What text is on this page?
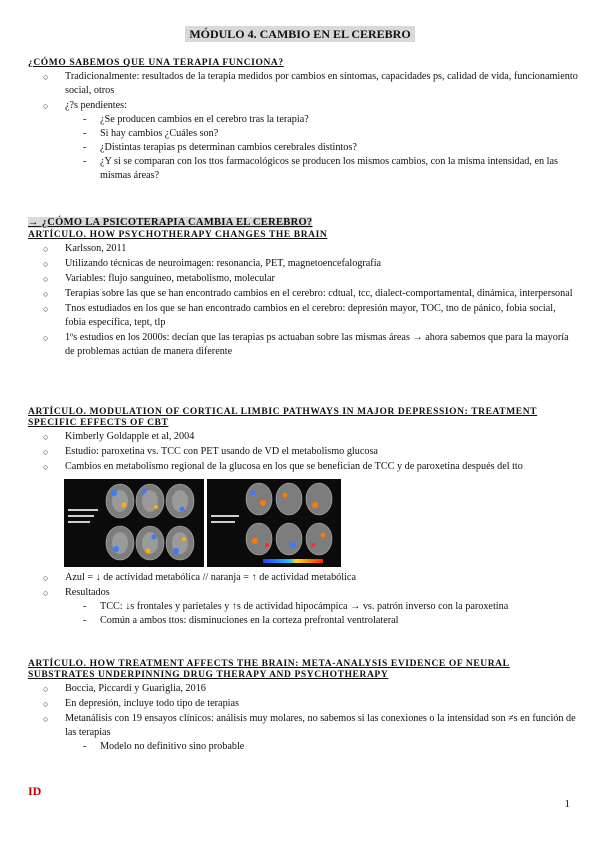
MÓDULO 4. CAMBIO EN EL CEREBRO
¿CÓMO SABEMOS QUE UNA TERAPIA FUNCIONA?
○ Tradicionalmente: resultados de la terapia medidos por cambios en síntomas, capacidades ps, calidad de vida, funcionamiento social, otros
○ ¿?s pendientes:
- ¿Se producen cambios en el cerebro tras la terapia?
- Si hay cambios ¿Cuáles son?
- ¿Distintas terapias ps determinan cambios cerebrales distintos?
- ¿Y si se comparan con los ttos farmacológicos se producen los mismos cambios, con la misma intensidad, en las mismas áreas?
→ ¿CÓMO LA PSICOTERAPIA CAMBIA EL CEREBRO?
ARTÍCULO. HOW PSYCHOTHERAPY CHANGES THE BRAIN
○ Karlsson, 2011
○ Utilizando técnicas de neuroimagen: resonancia, PET, magnetoencefalografía
○ Variables: flujo sanguíneo, metabolismo, molecular
○ Terapias sobre las que se han encontrado cambios en el cerebro: cdtual, tcc, dialect-comportamental, dinámica, interpersonal
○ Tnos estudiados en los que se han encontrado cambios en el cerebro: depresión mayor, TOC, tno de pánico, fobia social, fobia específica, tept, tlp
○ 1ºs estudios en los 2000s: decían que las terapias ps actuaban sobre las mismas áreas → ahora sabemos que para la mayoría de problemas actúan de manera diferente
ARTÍCULO. MODULATION OF CORTICAL LIMBIC PATHWAYS IN MAJOR DEPRESSION: TREATMENT SPECIFIC EFFECTS OF CBT
○ Kimberly Goldapple et al, 2004
○ Estudio: paroxetina vs. TCC con PET usando de VD el metabolismo glucosa
○ Cambios en metabolismo regional de la glucosa en los que se benefician de TCC y de paroxetina después del tto
○ Azul = ↓ de actividad metabólica // naranja = ↑ de actividad metabólica
○ Resultados
- TCC: ↓s frontales y parietales y ↑s de actividad hipocámpica → vs. patrón inverso con la paroxetina
- Común a ambos ttos: disminuciones en la corteza prefrontal ventrolateral
ARTÍCULO. HOW TREATMENT AFFECTS THE BRAIN: META-ANALYSIS EVIDENCE OF NEURAL SUBSTRATES UNDERPINNING DRUG THERAPY AND PSYCHOTHERAPY
○ Boccia, Piccardi y Guariglia, 2016
○ En depresión, incluye todo tipo de terapias
○ Metanálisis con 19 ensayos clínicos: análisis muy molares, no sabemos si las conexiones o la intensidad son ≠s en función de las terapias
- Modelo no definitivo sino probable
ID
1
